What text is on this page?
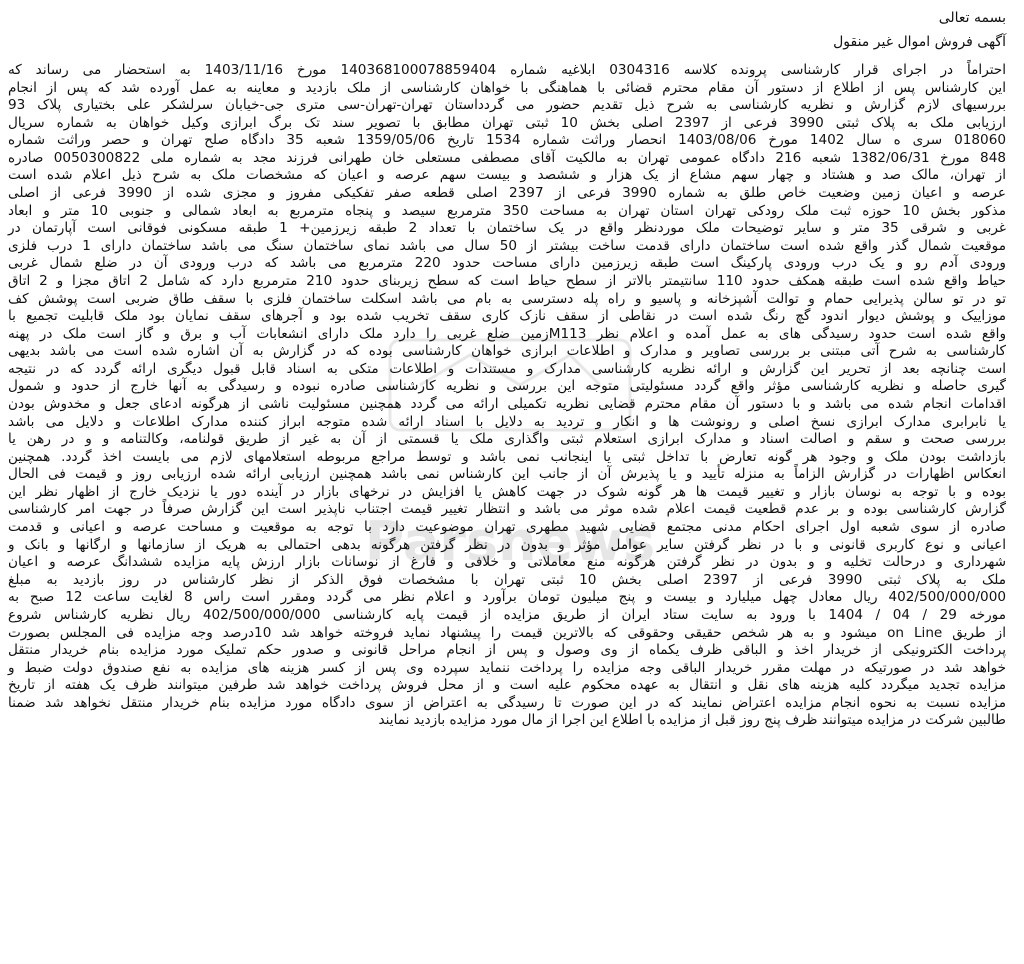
Parsnews

بسمه تعالی

آگهی فروش اموال غیر منقول

احتراماً در اجرای قرار کارشناسی پرونده کلاسه 0304316 ابلاغیه شماره 140368100078859404 مورخ 1403/11/16 به استحضار می رساند که
این کارشناس پس از اطلاع از دستور آن مقام محترم قضائی با هماهنگی با خواهان کارشناسی از ملک بازدید و معاینه به عمل آورده شد که پس از انجام
بررسیهای لازم گزارش و نظریه کارشناسی به شرح ذیل تقدیم حضور می گردداستان تهران-تهران-سی متری جی-خیابان سرلشکر علی بختیاری پلاک 93
ارزیابی ملک به پلاک ثبتی 3990 فرعی از 2397 اصلی بخش 10 ثبتی تهران مطابق با تصویر سند تک برگ ابرازی وکیل خواهان به شماره سریال
018060 سری ه سال 1402 مورخ 1403/08/06 انحصار وراثت شماره 1534 تاریخ 1359/05/06 شعبه 35 دادگاه صلح تهران و حصر وراثت شماره
848 مورخ 1382/06/31 شعبه 216 دادگاه عمومی تهران به مالکیت آقای مصطفی مستعلی خان طهرانی فرزند مجد به شماره ملی 0050300822 صادره
از تهران، مالک صد و هشتاد و چهار سهم مشاع از یک هزار و ششصد و بیست سهم عرصه و اعیان که مشخصات ملک به شرح ذیل اعلام شده است
عرصه و اعیان زمین وضعیت خاص طلق به شماره 3990 فرعی از 2397 اصلی قطعه صفر تفکیکی مفروز و مجزی شده از 3990 فرعی از اصلی
مذکور بخش 10 حوزه ثبت ملک رودکی تهران استان تهران به مساحت 350 مترمربع سیصد و پنجاه مترمربع به ابعاد شمالی و جنوبی 10 متر و ابعاد
غربی و شرقی 35 متر و سایر توضیحات ملک موردنظر واقع در یک ساختمان با تعداد 2 طبقه زیرزمین+ 1 طبقه مسکونی فوقانی است آپارتمان در
موقعیت شمال گذر واقع شده است ساختمان دارای قدمت ساخت بیشتر از 50 سال می باشد نمای ساختمان سنگ می باشد ساختمان دارای 1 درب فلزی
ورودی آدم رو و یک درب ورودی پارکینگ است طبقه زیرزمین دارای مساحت حدود 220 مترمربع می باشد که درب ورودی آن در ضلع شمال غربی
حیاط واقع شده است طبقه همکف حدود 110 سانتیمتر بالاتر از سطح حیاط است که سطح زیربنای حدود 210 مترمربع دارد که شامل 2 اتاق مجزا و 2 اتاق
تو در تو سالن پذیرایی حمام و توالت آشپزخانه و پاسیو و راه پله دسترسی به بام می باشد اسکلت ساختمان فلزی با سقف طاق ضربی است پوشش کف
موزاییک و پوشش دیوار اندود گچ رنگ شده است در نقاطی از سقف نازک کاری سقف تخریب شده بود و آجرهای سقف نمایان بود ملک قابلیت تجمیع با
واقع شده است حدود رسیدگی های به عمل آمده و اعلام نظر M113زمین ضلع غربی را دارد ملک دارای انشعابات آب و برق و گاز است ملک در پهنه
کارشناسی به شرح آتی مبتنی بر بررسی تصاویر و مدارک و اطلاعات ابرازی خواهان کارشناسی بوده که در گزارش به آن اشاره شده است می باشد بدیهی
است چنانچه بعد از تحریر این گزارش و ارائه نظریه کارشناسی مدارک و مستندات و اطلاعات متکی به اسناد قابل قبول دیگری ارائه گردد که در نتیجه
گیری حاصله و نظریه کارشناسی مؤثر واقع گردد مسئولیتی متوجه این بررسی و نظریه کارشناسی صادره نبوده و رسیدگی به آنها خارج از حدود و شمول
اقدامات انجام شده می باشد و با دستور آن مقام محترم قضایی نظریه تکمیلی ارائه می گردد همچنین مسئولیت ناشی از هرگونه ادعای جعل و مخدوش بودن
یا نابرابری مدارک ابرازی نسخ اصلی و رونوشت ها و انکار و تردید به دلایل با اسناد ارائه شده متوجه ابراز کننده مدارک اطلاعات و دلایل می باشد
بررسی صحت و سقم و اصالت اسناد و مدارک ابرازی استعلام ثبتی واگذاری ملک یا قسمتی از آن به غیر از طریق قولنامه، وکالتنامه و و در رهن یا
بازداشت بودن ملک و وجود هر گونه تعارض با تداخل ثبتی یا اینجانب نمی باشد و توسط مراجع مربوطه استعلامهای لازم می بایست اخذ گردد. همچنین
انعکاس اظهارات در گزارش الزاماً به منزله تأیید و یا پذیرش آن از جانب این کارشناس نمی باشد همچنین ارزیابی ارائه شده ارزیابی روز و قیمت فی الحال
بوده و با توجه به نوسان بازار و تغییر قیمت ها هر گونه شوک در جهت کاهش یا افزایش در نرخهای بازار در آینده دور یا نزدیک خارج از اظهار نظر این
گزارش کارشناسی بوده و بر عدم قطعیت قیمت اعلام شده موثر می باشد و انتظار تغییر قیمت اجتناب ناپذیر است این گزارش صرفاً در جهت امر کارشناسی
صادره از سوی شعبه اول اجرای احکام مدنی مجتمع قضایی شهید مطهری تهران موضوعیت دارد با توجه به موقعیت و مساحت عرصه و اعیانی و قدمت
اعیانی و نوع کاربری قانونی و با در نظر گرفتن سایر عوامل مؤثر و بدون در نظر گرفتن هرگونه بدهی احتمالی به هریک از سازمانها و ارگانها و بانک و
شهرداری و درحالت تخلیه و و بدون در نظر گرفتن هرگونه منع معاملاتی و خلافی و فارغ از نوسانات بازار ارزش پایه مزایده ششدانگ عرصه و اعیان
ملک به پلاک ثبتی 3990 فرعی از 2397 اصلی بخش 10 ثبتی تهران با مشخصات فوق الذکر از نظر کارشناس در روز بازدید به مبلغ
402/500/000/000 ریال معادل چهل میلیارد و بیست و پنج میلیون تومان برآورد و اعلام نظر می گردد ومقرر است راس 8 لغایت ساعت 12 صبح به
مورخه 29 / 04 / 1404 با ورود به سایت ستاد ایران از طریق مزایده از قیمت پایه کارشناسی 402/500/000/000 ریال نظریه کارشناس شروع
از طریق on Line میشود و به هر شخص حقیقی وحقوقی که بالاترین قیمت را پیشنهاد نماید فروخته خواهد شد 10درصد وجه مزایده فی المجلس بصورت
پرداخت الکترونیکی از خریدار اخذ و الباقی ظرف یکماه از وی وصول و پس از انجام مراحل قانونی و صدور حکم تملیک مورد مزایده بنام خریدار منتقل
خواهد شد در صورتیکه در مهلت مقرر خریدار الباقی وجه مزایده را پرداخت ننماید سپرده وی پس از کسر هزینه های مزایده به نفع صندوق دولت ضبط و
مزایده تجدید میگردد کلیه هزینه های نقل و انتقال به عهده محکوم علیه است و از محل فروش پرداخت خواهد شد طرفین میتوانند ظرف یک هفته از تاریخ
مزایده نسبت به نحوه انجام مزایده اعتراض نمایند که در این صورت تا رسیدگی به اعتراض از سوی دادگاه مورد مزایده بنام خریدار منتقل نخواهد شد ضمنا
طالبین شرکت در مزایده میتوانند ظرف پنج روز قبل از مزایده با اطلاع این اجرا از مال مورد مزایده بازدید نمایند
